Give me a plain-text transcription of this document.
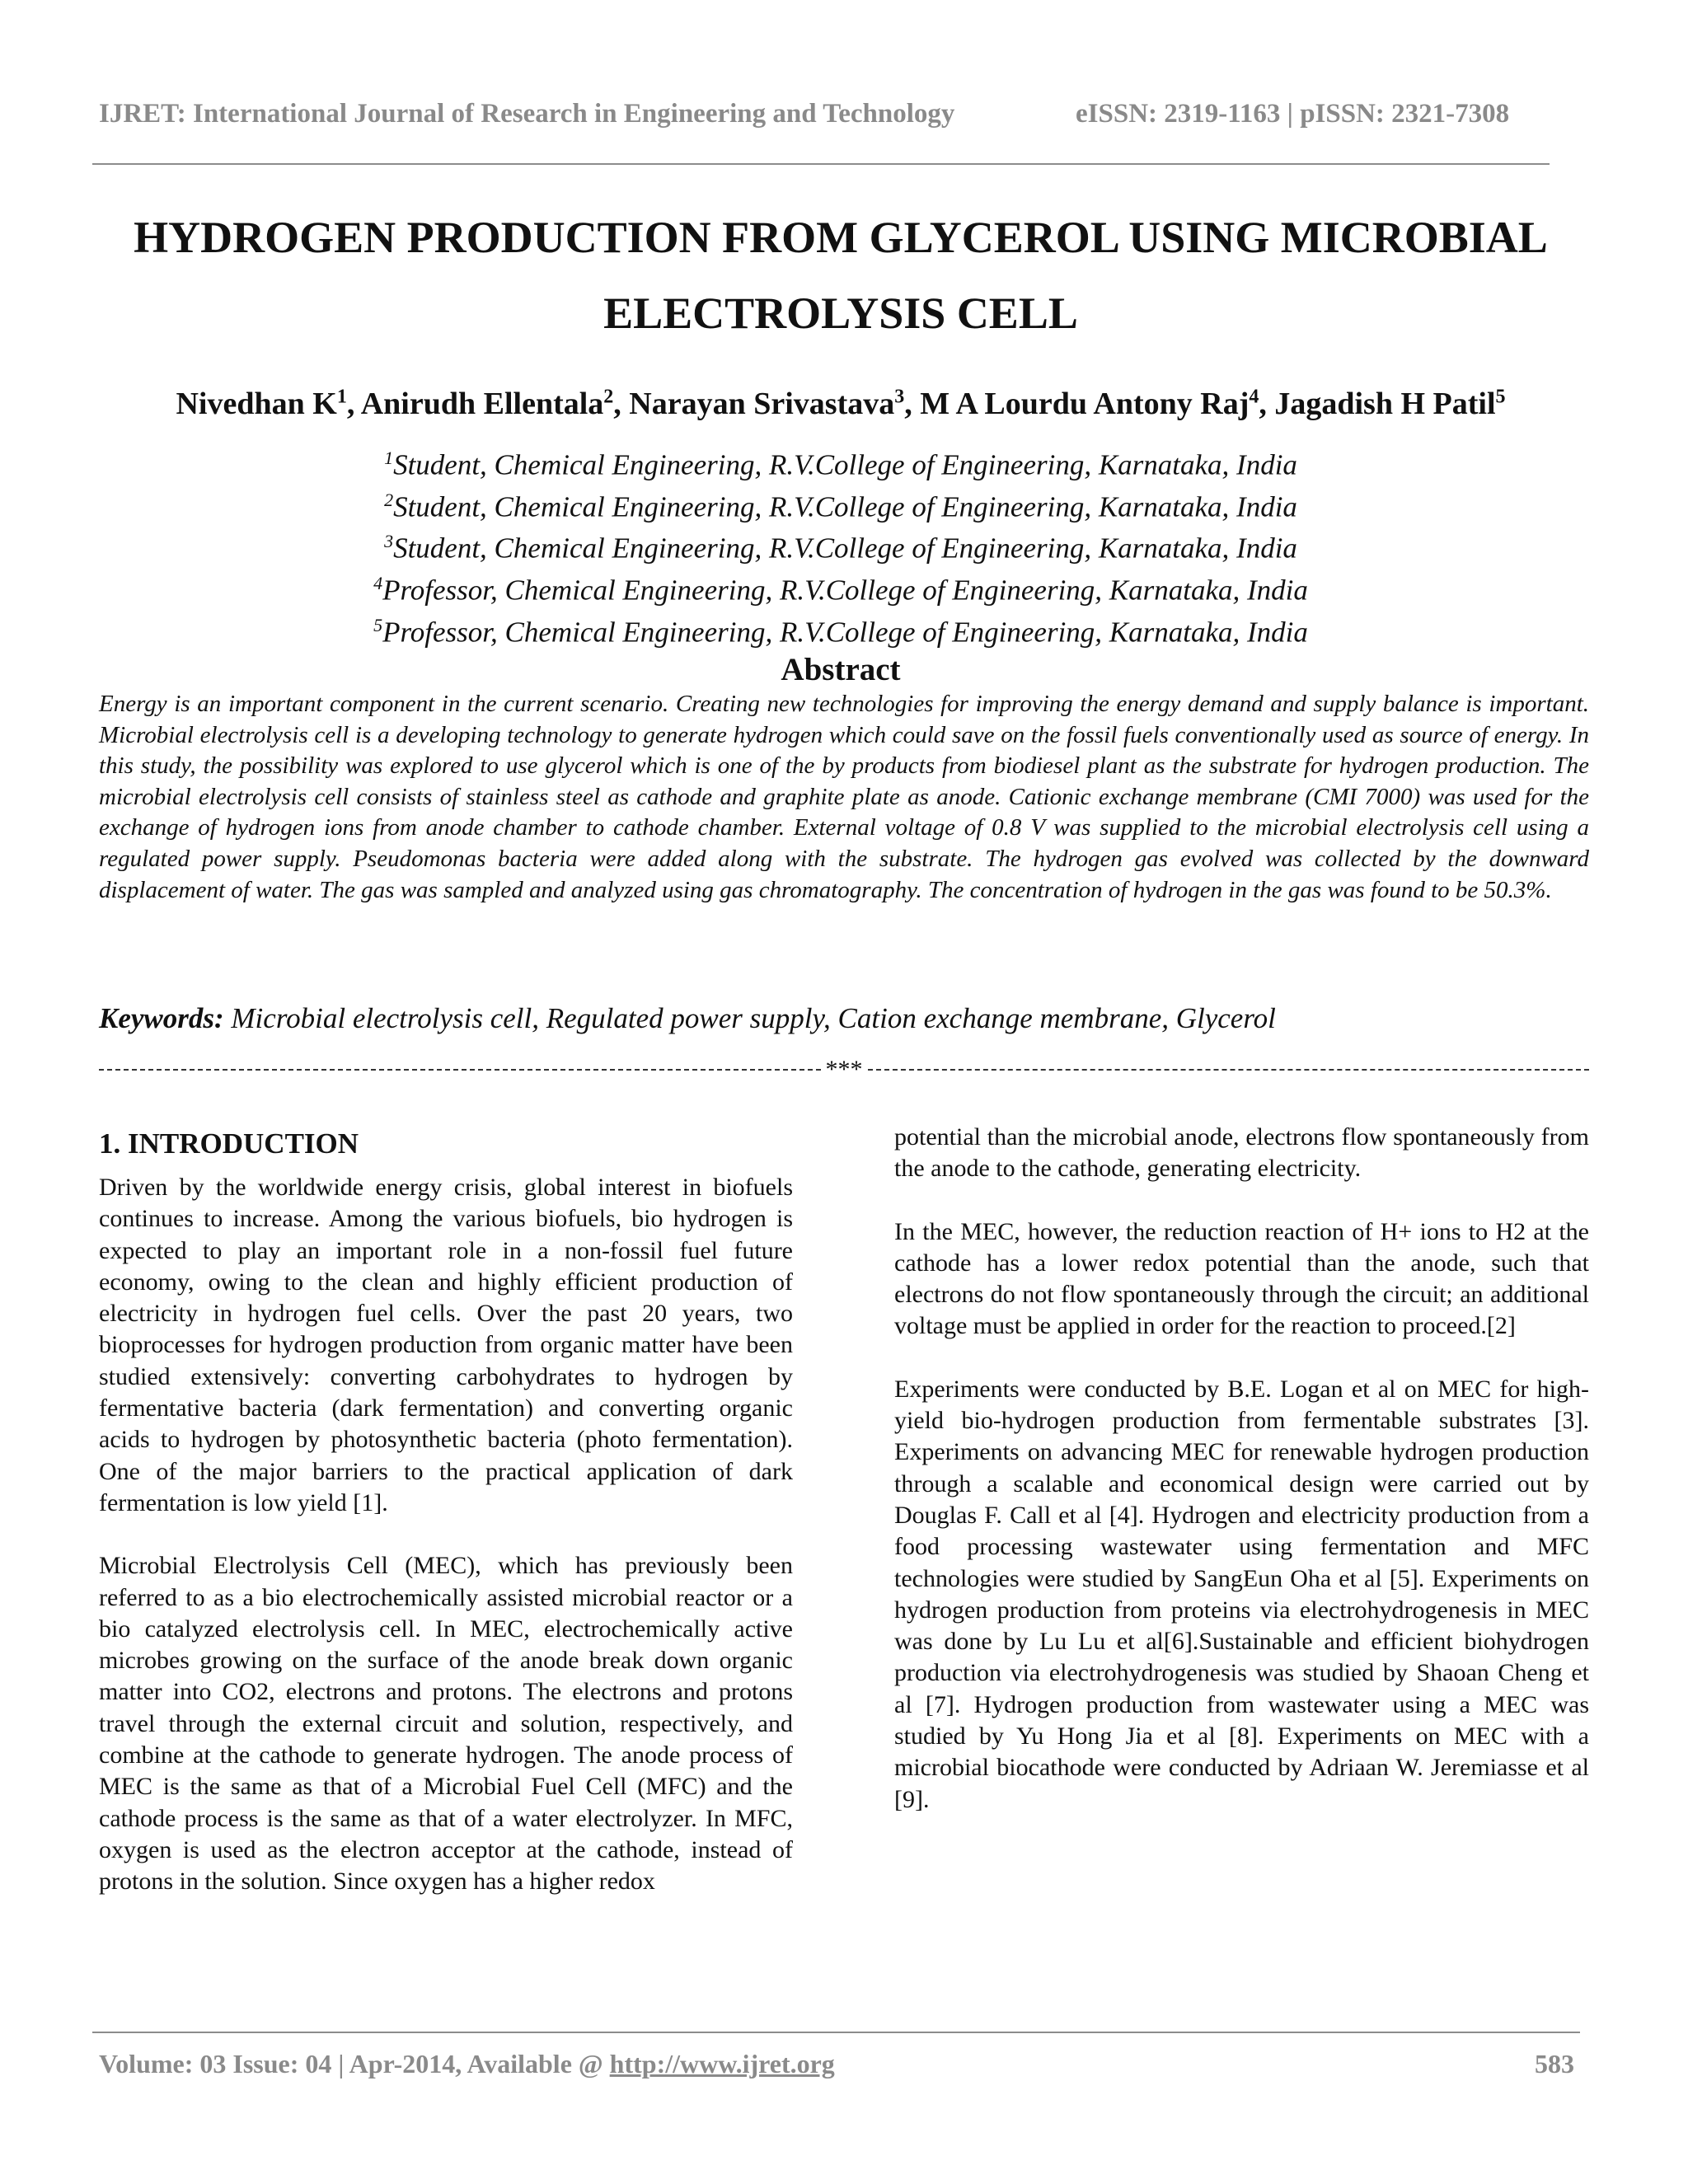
IJRET: International Journal of Research in Engineering and Technology	eISSN: 2319-1163 | pISSN: 2321-7308
HYDROGEN PRODUCTION FROM GLYCEROL USING MICROBIAL
ELECTROLYSIS CELL
Nivedhan $K^1$, Anirudh Ellentala$^2$, Narayan Srivastava$^3$, M A Lourdu Antony Raj$^4$, Jagadish H Patil$^5$
$^1$Student, Chemical Engineering, R.V.College of Engineering, Karnataka, India
$^2$Student, Chemical Engineering, R.V.College of Engineering, Karnataka, India
$^3$Student, Chemical Engineering, R.V.College of Engineering, Karnataka, India
$^4$Professor, Chemical Engineering, R.V.College of Engineering, Karnataka, India
$^5$Professor, Chemical Engineering, R.V.College of Engineering, Karnataka, India
Abstract
Energy is an important component in the current scenario. Creating new technologies for improving the energy demand and supply balance is important. Microbial electrolysis cell is a developing technology to generate hydrogen which could save on the fossil fuels conventionally used as source of energy. In this study, the possibility was explored to use glycerol which is one of the by products from biodiesel plant as the substrate for hydrogen production. The microbial electrolysis cell consists of stainless steel as cathode and graphite plate as anode. Cationic exchange membrane (CMI 7000) was used for the exchange of hydrogen ions from anode chamber to cathode chamber. External voltage of 0.8 V was supplied to the microbial electrolysis cell using a regulated power supply. Pseudomonas bacteria were added along with the substrate. The hydrogen gas evolved was collected by the downward displacement of water. The gas was sampled and analyzed using gas chromatography. The concentration of hydrogen in the gas was found to be 50.3%.
Keywords: Microbial electrolysis cell, Regulated power supply, Cation exchange membrane, Glycerol
***
1. INTRODUCTION

Driven by the worldwide energy crisis, global interest in biofuels continues to increase. Among the various biofuels, bio hydrogen is expected to play an important role in a non-fossil fuel future economy, owing to the clean and highly efficient production of electricity in hydrogen fuel cells. Over the past 20 years, two bioprocesses for hydrogen production from organic matter have been studied extensively: converting carbohydrates to hydrogen by fermentative bacteria (dark fermentation) and converting organic acids to hydrogen by photosynthetic bacteria (photo fermentation). One of the major barriers to the practical application of dark fermentation is low yield [1].

Microbial Electrolysis Cell (MEC), which has previously been referred to as a bio electrochemically assisted microbial reactor or a bio catalyzed electrolysis cell. In MEC, electrochemically active microbes growing on the surface of the anode break down organic matter into CO2, electrons and protons. The electrons and protons travel through the external circuit and solution, respectively, and combine at the cathode to generate hydrogen. The anode process of MEC is the same as that of a Microbial Fuel Cell (MFC) and the cathode process is the same as that of a water electrolyzer. In MFC, oxygen is used as the electron acceptor at the cathode, instead of protons in the solution. Since oxygen has a higher redox

potential than the microbial anode, electrons flow spontaneously from the anode to the cathode, generating electricity.

In the MEC, however, the reduction reaction of H+ ions to H2 at the cathode has a lower redox potential than the anode, such that electrons do not flow spontaneously through the circuit; an additional voltage must be applied in order for the reaction to proceed.[2]

Experiments were conducted by B.E. Logan et al on MEC for high-yield bio-hydrogen production from fermentable substrates [3]. Experiments on advancing MEC for renewable hydrogen production through a scalable and economical design were carried out by Douglas F. Call et al [4]. Hydrogen and electricity production from a food processing wastewater using fermentation and MFC technologies were studied by SangEun Oha et al [5]. Experiments on hydrogen production from proteins via electrohydrogenesis in MEC was done by Lu Lu et al[6].Sustainable and efficient biohydrogen production via electrohydrogenesis was studied by Shaoan Cheng et al [7]. Hydrogen production from wastewater using a MEC was studied by Yu Hong Jia et al [8]. Experiments on MEC with a microbial biocathode were conducted by Adriaan W. Jeremiasse et al [9].

Volume: 03 Issue: 04 | Apr-2014, Available @ http://www.ijret.org	583
